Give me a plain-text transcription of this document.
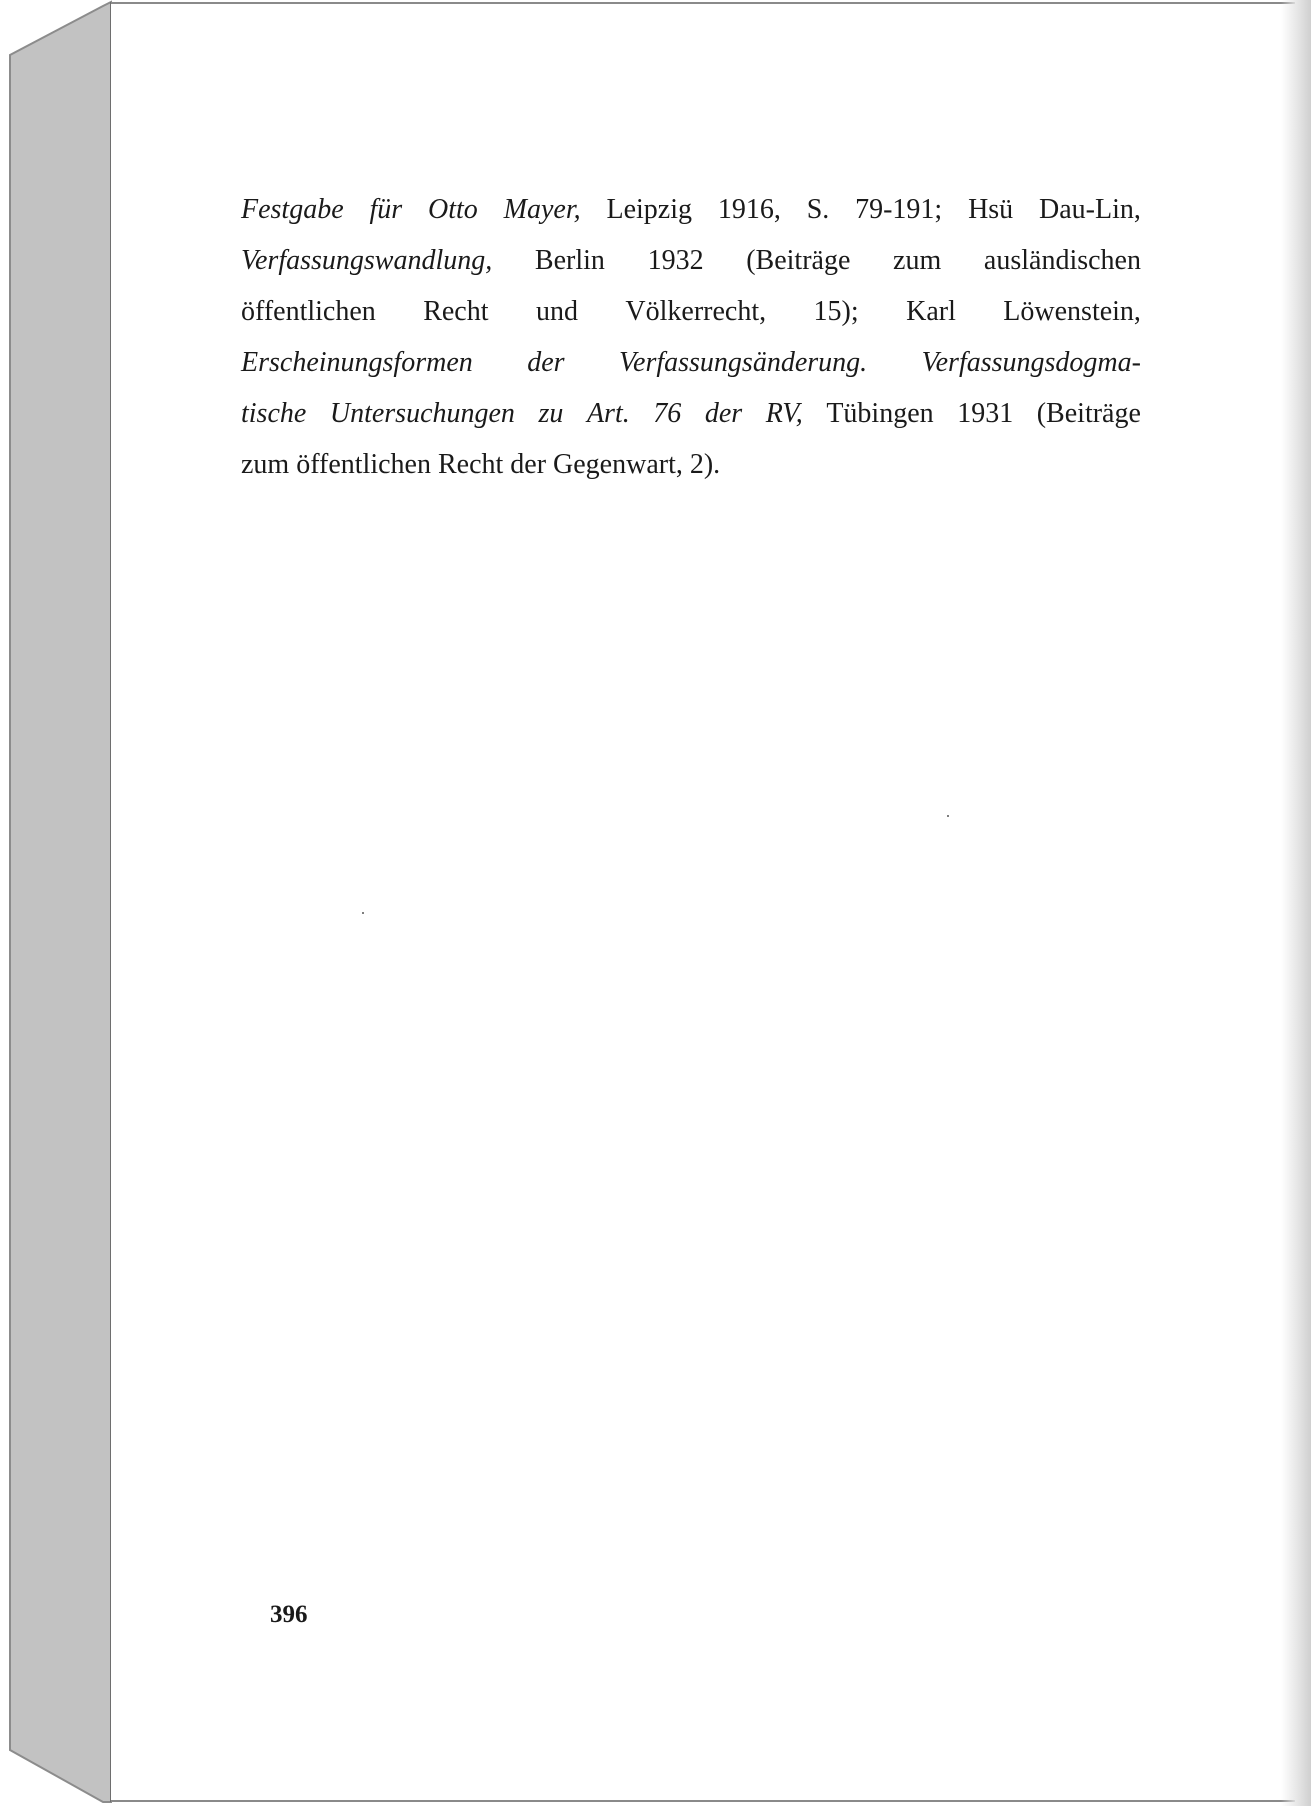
Festgabe für Otto Mayer, Leipzig 1916, S. 79-191; Hsü Dau-Lin,
Verfassungswandlung, Berlin 1932 (Beiträge zum ausländischen
öffentlichen Recht und Völkerrecht, 15); Karl Löwenstein,
Erscheinungsformen der Verfassungsänderung. Verfassungsdogma-
tische Untersuchungen zu Art. 76 der RV, Tübingen 1931 (Beiträge
zum öffentlichen Recht der Gegenwart, 2).
396
